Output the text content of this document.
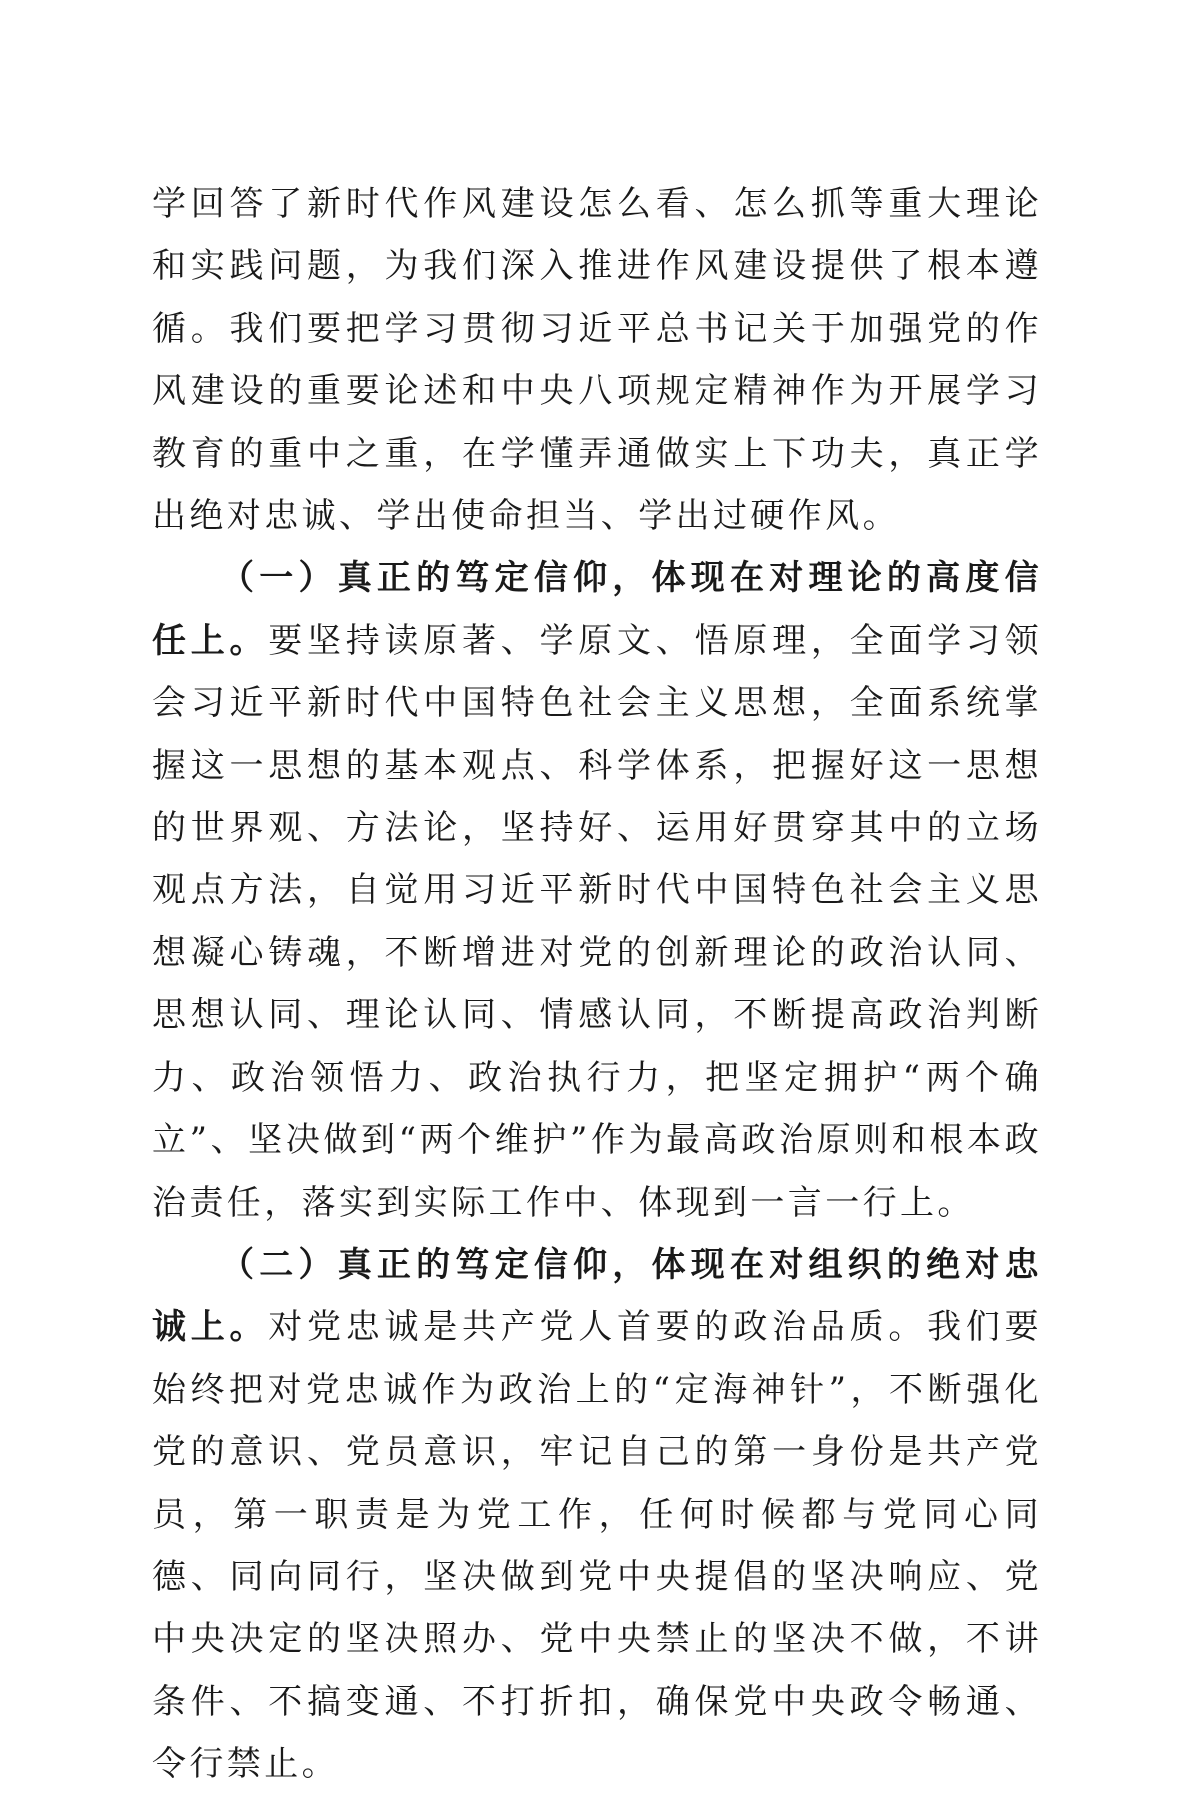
学回答了新时代作风建设怎么看、怎么抓等重大理论和实践问题，为我们深入推进作风建设提供了根本遵循。我们要把学习贯彻习近平总书记关于加强党的作风建设的重要论述和中央八项规定精神作为开展学习教育的重中之重，在学懂弄通做实上下功夫，真正学出绝对忠诚、学出使命担当、学出过硬作风。

（一）真正的笃定信仰，体现在对理论的高度信任上。要坚持读原著、学原文、悟原理，全面学习领会习近平新时代中国特色社会主义思想，全面系统掌握这一思想的基本观点、科学体系，把握好这一思想的世界观、方法论，坚持好、运用好贯穿其中的立场观点方法，自觉用习近平新时代中国特色社会主义思想凝心铸魂，不断增进对党的创新理论的政治认同、思想认同、理论认同、情感认同，不断提高政治判断力、政治领悟力、政治执行力，把坚定拥护“两个确立”、坚决做到“两个维护”作为最高政治原则和根本政治责任，落实到实际工作中、体现到一言一行上。

（二）真正的笃定信仰，体现在对组织的绝对忠诚上。对党忠诚是共产党人首要的政治品质。我们要始终把对党忠诚作为政治上的“定海神针”，不断强化党的意识、党员意识，牢记自己的第一身份是共产党员，第一职责是为党工作，任何时候都与党同心同德、同向同行，坚决做到党中央提倡的坚决响应、党中央决定的坚决照办、党中央禁止的坚决不做，不讲条件、不搞变通、不打折扣，确保党中央政令畅通、令行禁止。
